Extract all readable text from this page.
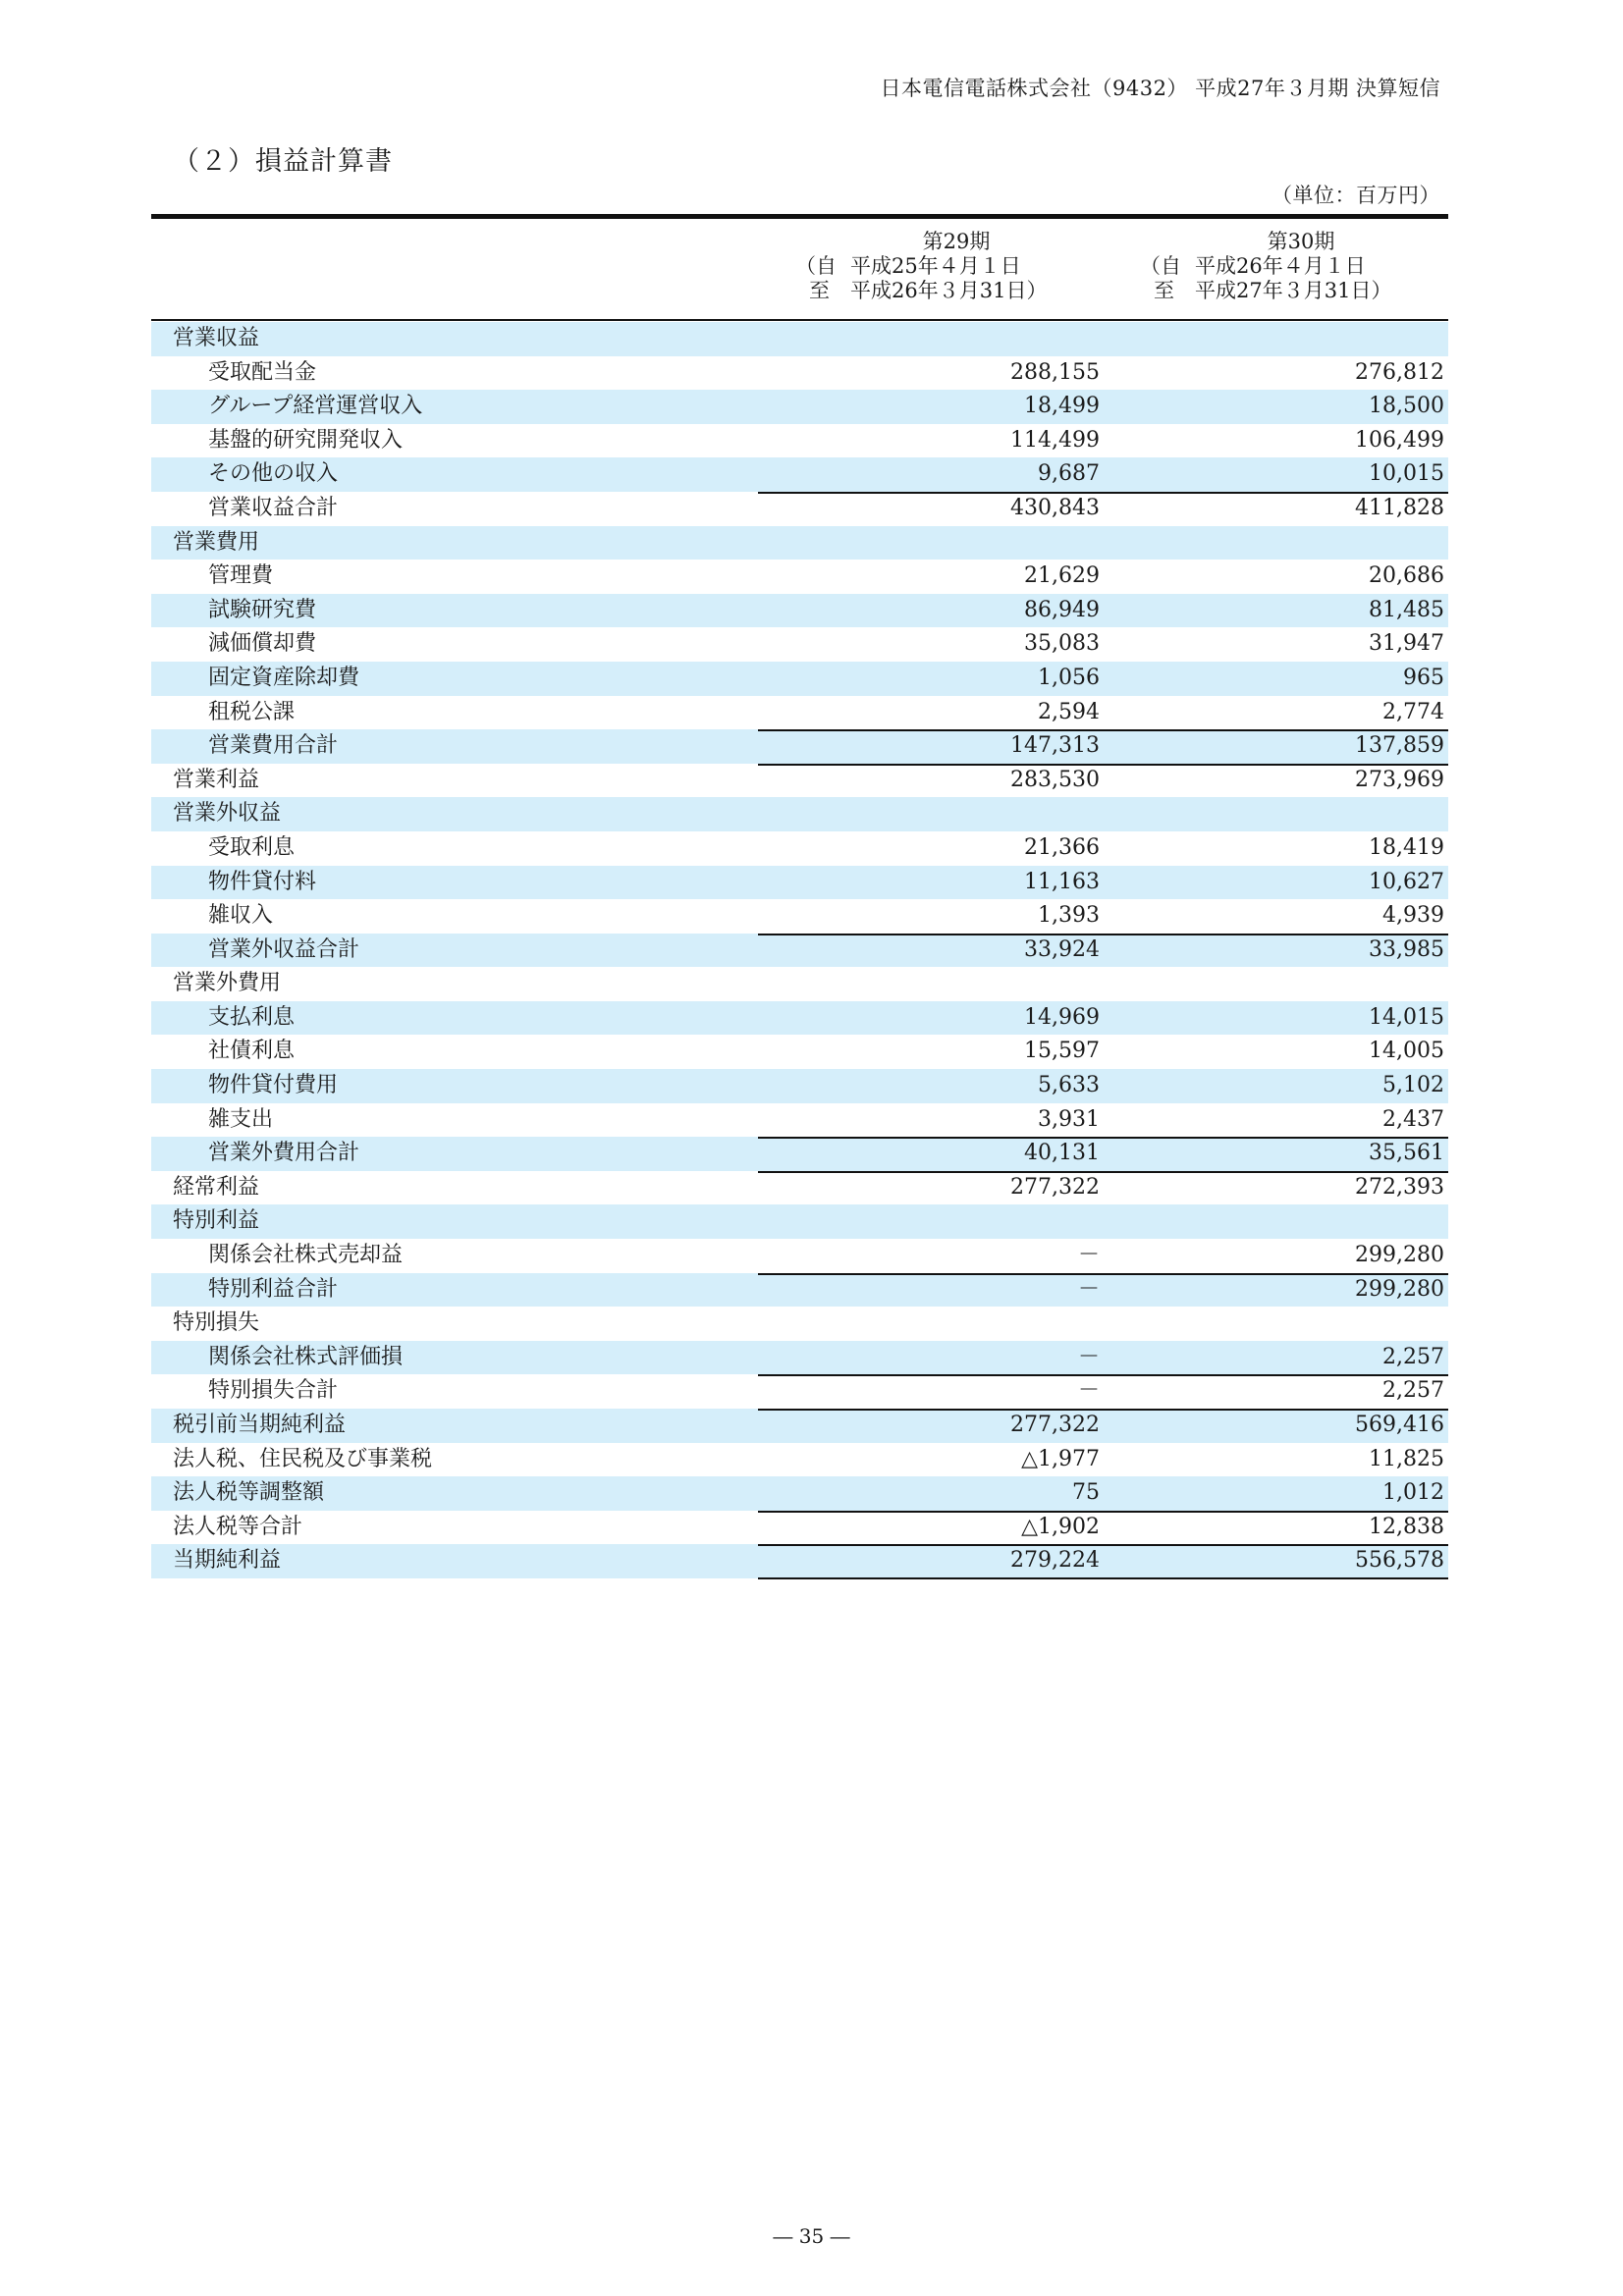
日本電信電話株式会社（9432） 平成27年３月期 決算短信
（２）損益計算書
（単位：百万円）
第29期
（自 平成25年４月１日
至	平成26年３月31日）
第30期
（自 平成26年４月１日
至	平成27年３月31日）
営業収益
受取配当金	288,155	276,812
グループ経営運営収入	18,499	18,500
基盤的研究開発収入	114,499	106,499
その他の収入	9,687	10,015
営業収益合計	430,843	411,828
営業費用
管理費	21,629	20,686
試験研究費	86,949	81,485
減価償却費	35,083	31,947
固定資産除却費	1,056	965
租税公課	2,594	2,774
営業費用合計	147,313	137,859
営業利益	283,530	273,969
営業外収益
受取利息	21,366	18,419
物件貸付料	11,163	10,627
雑収入	1,393	4,939
営業外収益合計	33,924	33,985
営業外費用
支払利息	14,969	14,015
社債利息	15,597	14,005
物件貸付費用	5,633	5,102
雑支出	3,931	2,437
営業外費用合計	40,131	35,561
経常利益	277,322	272,393
特別利益
関係会社株式売却益	－	299,280
特別利益合計	－	299,280
特別損失
関係会社株式評価損	－	2,257
特別損失合計	－	2,257
税引前当期純利益	277,322	569,416
法人税、住民税及び事業税	△1,977	11,825
法人税等調整額	75	1,012
法人税等合計	△1,902	12,838
当期純利益	279,224	556,578
― 35 ―
